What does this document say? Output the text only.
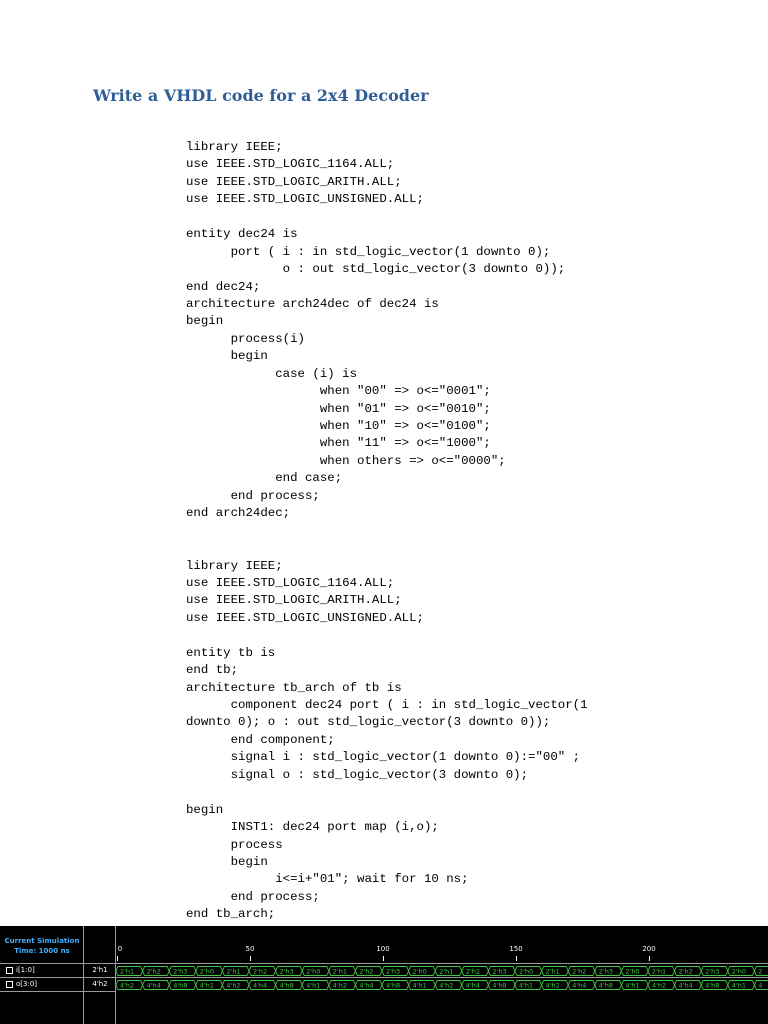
Write a VHDL code for a 2x4 Decoder
library IEEE;
use IEEE.STD_LOGIC_1164.ALL;
use IEEE.STD_LOGIC_ARITH.ALL;
use IEEE.STD_LOGIC_UNSIGNED.ALL;
entity dec24 is
port ( i : in std_logic_vector(1 downto 0);
o : out std_logic_vector(3 downto 0));
end dec24;
architecture arch24dec of dec24 is
begin
process(i)
begin
case (i) is
when "00" => o<="0001";
when "01" => o<="0010";
when "10" => o<="0100";
when "11" => o<="1000";
when others => o<="0000";
end case;
end process;
end arch24dec;
library IEEE;
use IEEE.STD_LOGIC_1164.ALL;
use IEEE.STD_LOGIC_ARITH.ALL;
use IEEE.STD_LOGIC_UNSIGNED.ALL;
entity tb is
end tb;
architecture tb_arch of tb is
component dec24 port ( i : in std_logic_vector(1
downto 0); o : out std_logic_vector(3 downto 0));
end component;
signal i : std_logic_vector(1 downto 0):="00" ;
signal o : std_logic_vector(3 downto 0);
begin
INST1: dec24 port map (i,o);
process
begin
i<=i+"01"; wait for 10 ns;
end process;
end tb_arch;
Current Simulation
Time: 1000 ns	0	50	100	150	200
i[1:0]	2'h1
o[3:0]	4'h2
2'h1 2'h2 2'h3 2'h0 2'h1 2'h2 2'h3 2'h0 2'h1 2'h2 2'h3 2'h0 2'h1 2'h2 2'h3 2'h0 2'h1 2'h2 2'h3 2'h0 2'h1 2'h2 2'h3 2'h0 2
4'h2 4'h4 4'h8 4'h1 4'h2 4'h4 4'h8 4'h1 4'h2 4'h4 4'h8 4'h1 4'h2 4'h4 4'h8 4'h1 4'h2 4'h4 4'h8 4'h1 4'h2 4'h4 4'h8 4'h1 4
